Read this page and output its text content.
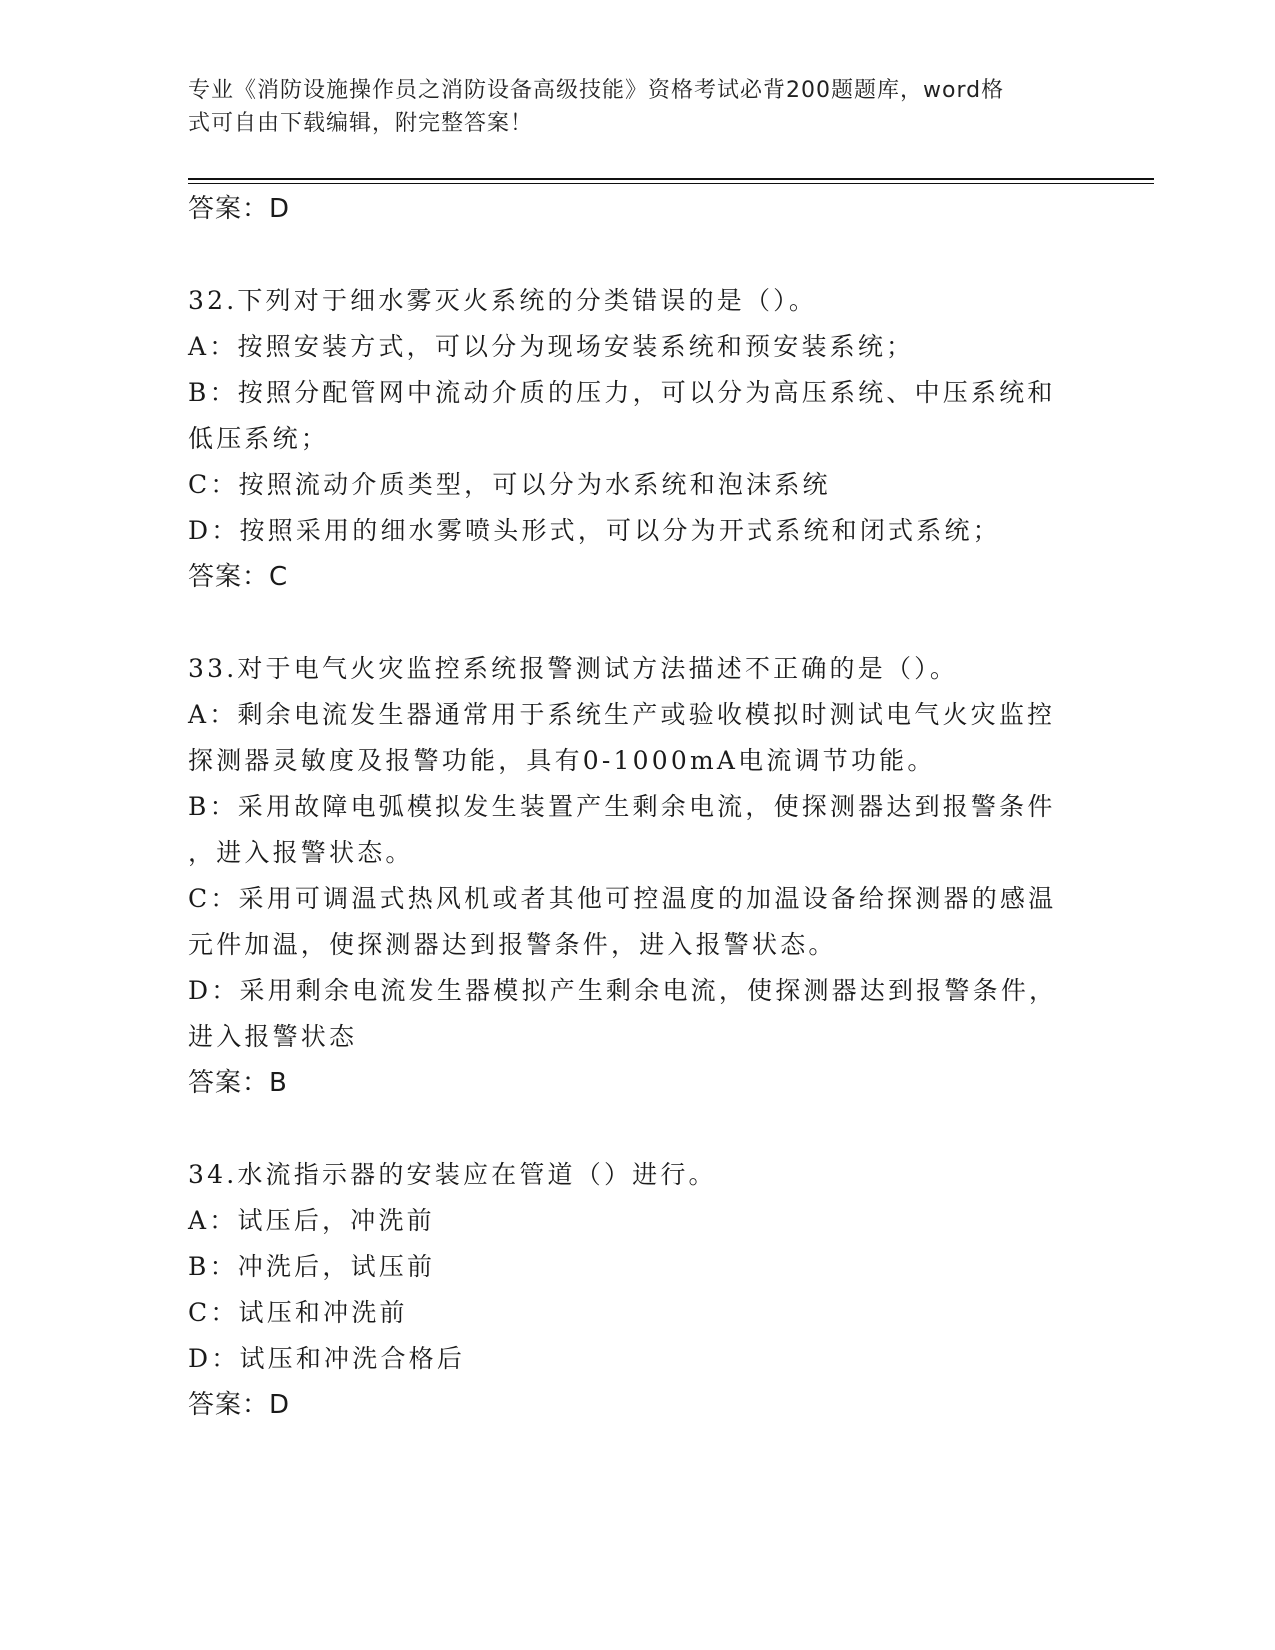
专业《消防设施操作员之消防设备高级技能》资格考试必背200题题库，word格
式可自由下载编辑，附完整答案！
答案：D
32.下列对于细水雾灭火系统的分类错误的是（）。
A：按照安装方式，可以分为现场安装系统和预安装系统；
B：按照分配管网中流动介质的压力，可以分为高压系统、中压系统和
低压系统；
C：按照流动介质类型，可以分为水系统和泡沫系统
D：按照采用的细水雾喷头形式，可以分为开式系统和闭式系统；
答案：C
33.对于电气火灾监控系统报警测试方法描述不正确的是（）。
A：剩余电流发生器通常用于系统生产或验收模拟时测试电气火灾监控
探测器灵敏度及报警功能，具有0-1000mA电流调节功能。
B：采用故障电弧模拟发生装置产生剩余电流，使探测器达到报警条件
，进入报警状态。
C：采用可调温式热风机或者其他可控温度的加温设备给探测器的感温
元件加温，使探测器达到报警条件，进入报警状态。
D：采用剩余电流发生器模拟产生剩余电流，使探测器达到报警条件，
进入报警状态
答案：B
34.水流指示器的安装应在管道（）进行。
A：试压后，冲洗前
B：冲洗后，试压前
C：试压和冲洗前
D：试压和冲洗合格后
答案：D
